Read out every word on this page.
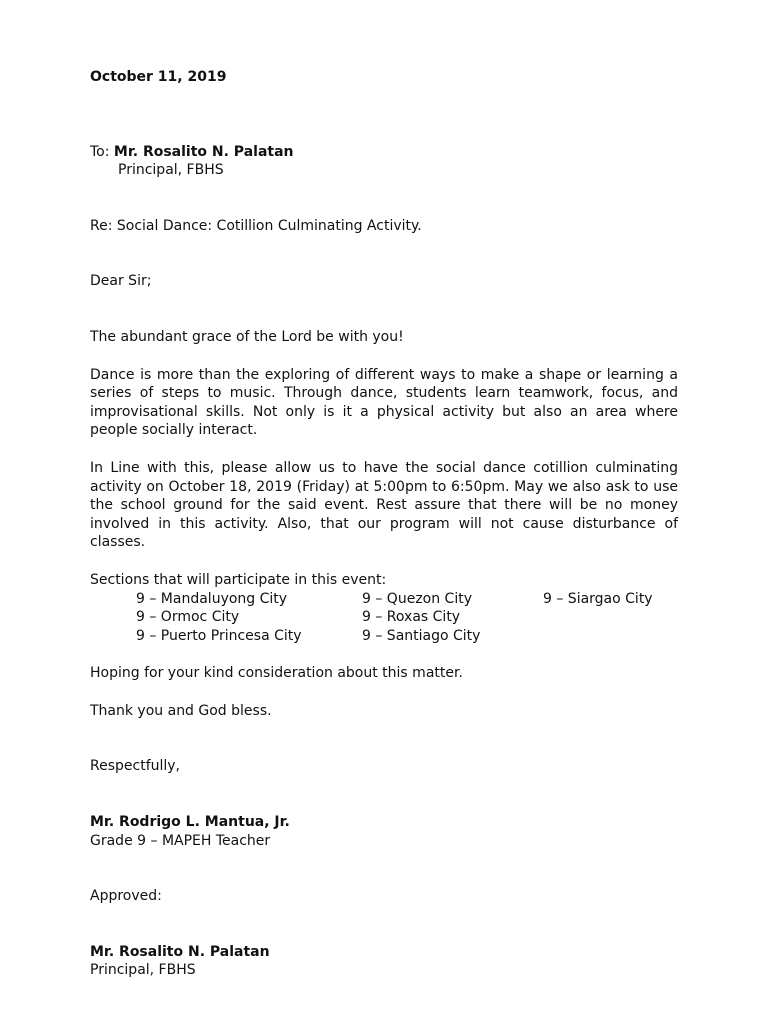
October 11, 2019
To: Mr. Rosalito N. Palatan
Principal, FBHS
Re: Social Dance: Cotillion Culminating Activity.
Dear Sir;
The abundant grace of the Lord be with you!
Dance is more than the exploring of different ways to make a shape or learning a series of steps to music. Through dance, students learn teamwork, focus, and improvisational skills. Not only is it a physical activity but also an area where people socially interact.
In Line with this, please allow us to have the social dance cotillion culminating activity on October 18, 2019 (Friday) at 5:00pm to 6:50pm. May we also ask to use the school ground for the said event. Rest assure that there will be no money involved in this activity. Also, that our program will not cause disturbance of classes.
Sections that will participate in this event:
9 – Mandaluyong City	9 – Quezon City	9 – Siargao City
9 – Ormoc City	9 – Roxas City
9 – Puerto Princesa City	9 – Santiago City
Hoping for your kind consideration about this matter.
Thank you and God bless.
Respectfully,
Mr. Rodrigo L. Mantua, Jr.
Grade 9 – MAPEH Teacher
Approved:
Mr. Rosalito N. Palatan
Principal, FBHS
